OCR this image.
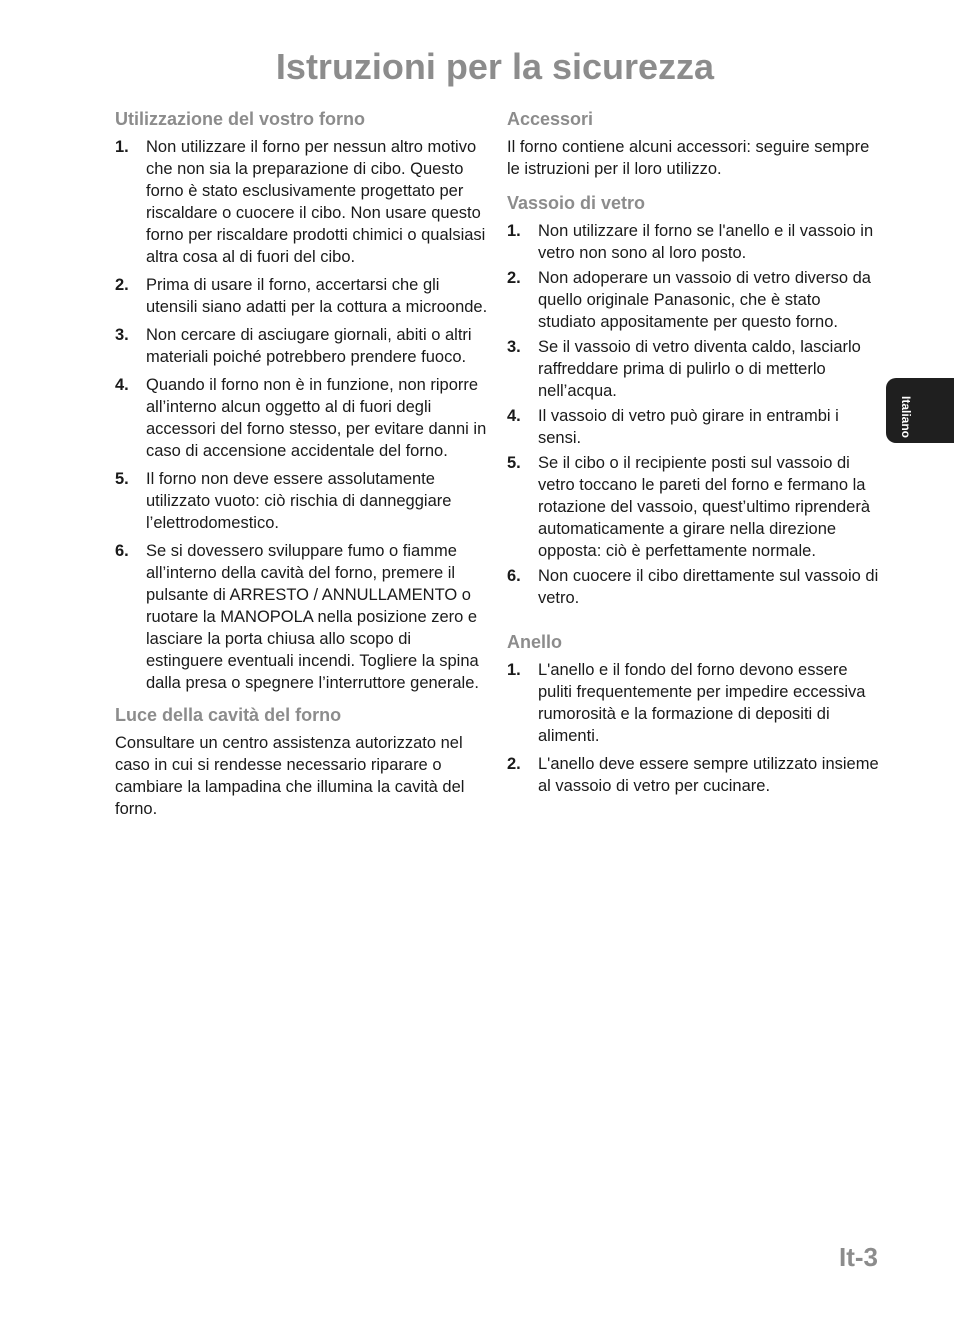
Istruzioni per la sicurezza
Utilizzazione del vostro forno
1. Non utilizzare il forno per nessun altro motivo che non sia la preparazione di cibo. Questo forno è stato esclusivamente progettato per riscaldare o cuocere il cibo. Non usare questo forno per riscaldare prodotti chimici o qualsiasi altra cosa al di fuori del cibo.
2. Prima di usare il forno, accertarsi che gli utensili siano adatti per la cottura a microonde.
3. Non cercare di asciugare giornali, abiti o altri materiali poiché potrebbero prendere fuoco.
4. Quando il forno non è in funzione, non riporre all’interno alcun oggetto al di fuori degli accessori del forno stesso, per evitare danni in caso di accensione accidentale del forno.
5. Il forno non deve essere assolutamente utilizzato vuoto: ciò rischia di danneggiare l’elettrodomestico.
6. Se si dovessero sviluppare fumo o fiamme all’interno della cavità del forno, premere il pulsante di ARRESTO / ANNULLAMENTO o ruotare la MANOPOLA nella posizione zero e lasciare la porta chiusa allo scopo di estinguere eventuali incendi. Togliere la spina dalla presa o spegnere l’interruttore generale.
Luce della cavità del forno

Consultare un centro assistenza autorizzato nel caso in cui si rendesse necessario riparare o cambiare la lampadina che illumina la cavità del forno.

Accessori

Il forno contiene alcuni accessori: seguire sempre le istruzioni per il loro utilizzo.

Vassoio di vetro
1. Non utilizzare il forno se l'anello e il vassoio in vetro non sono al loro posto.
2. Non adoperare un vassoio di vetro diverso da quello originale Panasonic, che è stato studiato appositamente per questo forno.
3. Se il vassoio di vetro diventa caldo, lasciarlo raffreddare prima di pulirlo o di metterlo nell’acqua.
4. Il vassoio di vetro può girare in entrambi i sensi.
5. Se il cibo o il recipiente posti sul vassoio di vetro toccano le pareti del forno e fermano la rotazione del vassoio, quest’ultimo riprenderà automaticamente a girare nella direzione opposta: ciò è perfettamente normale.
6. Non cuocere il cibo direttamente sul vassoio di vetro.
Anello
1. L'anello e il fondo del forno devono essere puliti frequentemente per impedire eccessiva rumorosità e la formazione di depositi di alimenti.
2. L'anello deve essere sempre utilizzato insieme al vassoio di vetro per cucinare.
Italiano
It-3
